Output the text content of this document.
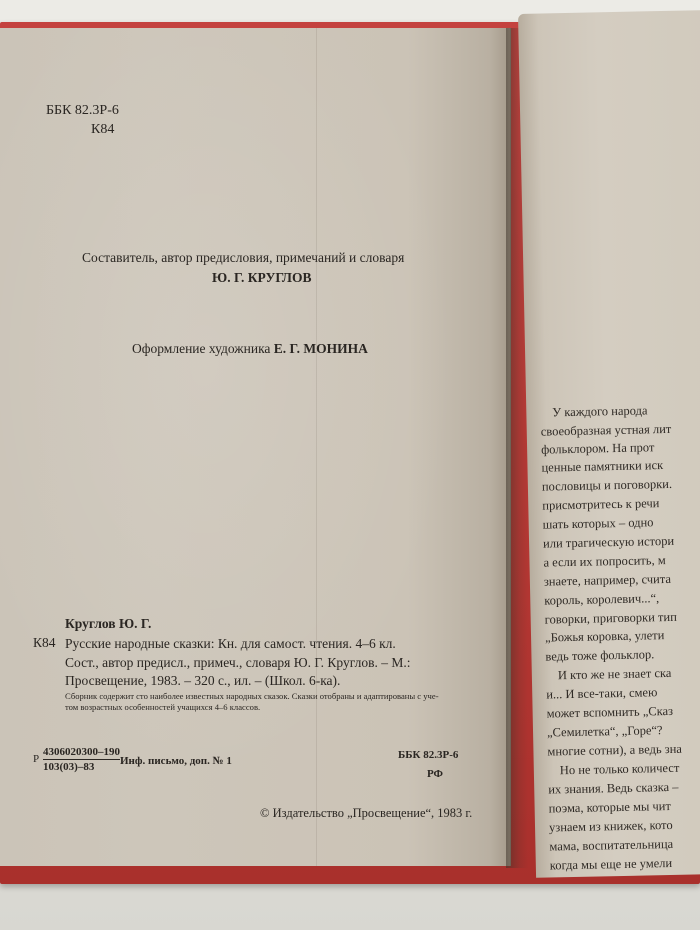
ББК 82.3Р-6
К84
Составитель, автор предисловия, примечаний и словаря
Ю. Г. КРУГЛОВ
Оформление художника Е. Г. МОНИНА
Круглов Ю. Г.
К84 Русские народные сказки: Кн. для самост. чтения. 4–6 кл.
Сост., автор предисл., примеч., словаря Ю. Г. Круглов. – М.:
Просвещение, 1983. – 320 с., ил. – (Школ. 6-ка).
Сборник содержит сто наиболее известных народных сказок. Сказки отобраны и адаптированы с уче-
том возрастных особенностей учащихся 4–6 классов.
Р $\frac{4306020300-190}{103(03)-83}$ Инф. письмо, доп. № 1	ББК 82.3Р-6
РФ
© Издательство „Просвещение“, 1983 г.
У каждого народа
своеобразная устная лит
фольклором. На прот
ценные памятники иск
пословицы и поговорки.
присмотритесь к речи
шать которых – одно
или трагическую истори
а если их попросить, м
знаете, например, счита
король, королевич...“,
говорки, приговорки тип
„Божья коровка, улети
ведь тоже фольклор.
И кто же не знает ска
и... И все-таки, смею
может вспомнить „Сказ
„Семилетка“, „Горе“?
многие сотни), а ведь зна
Но не только количест
их знания. Ведь сказка –
поэма, которые мы чит
узнаем из книжек, кото
мама, воспитательница
когда мы еще не умели
